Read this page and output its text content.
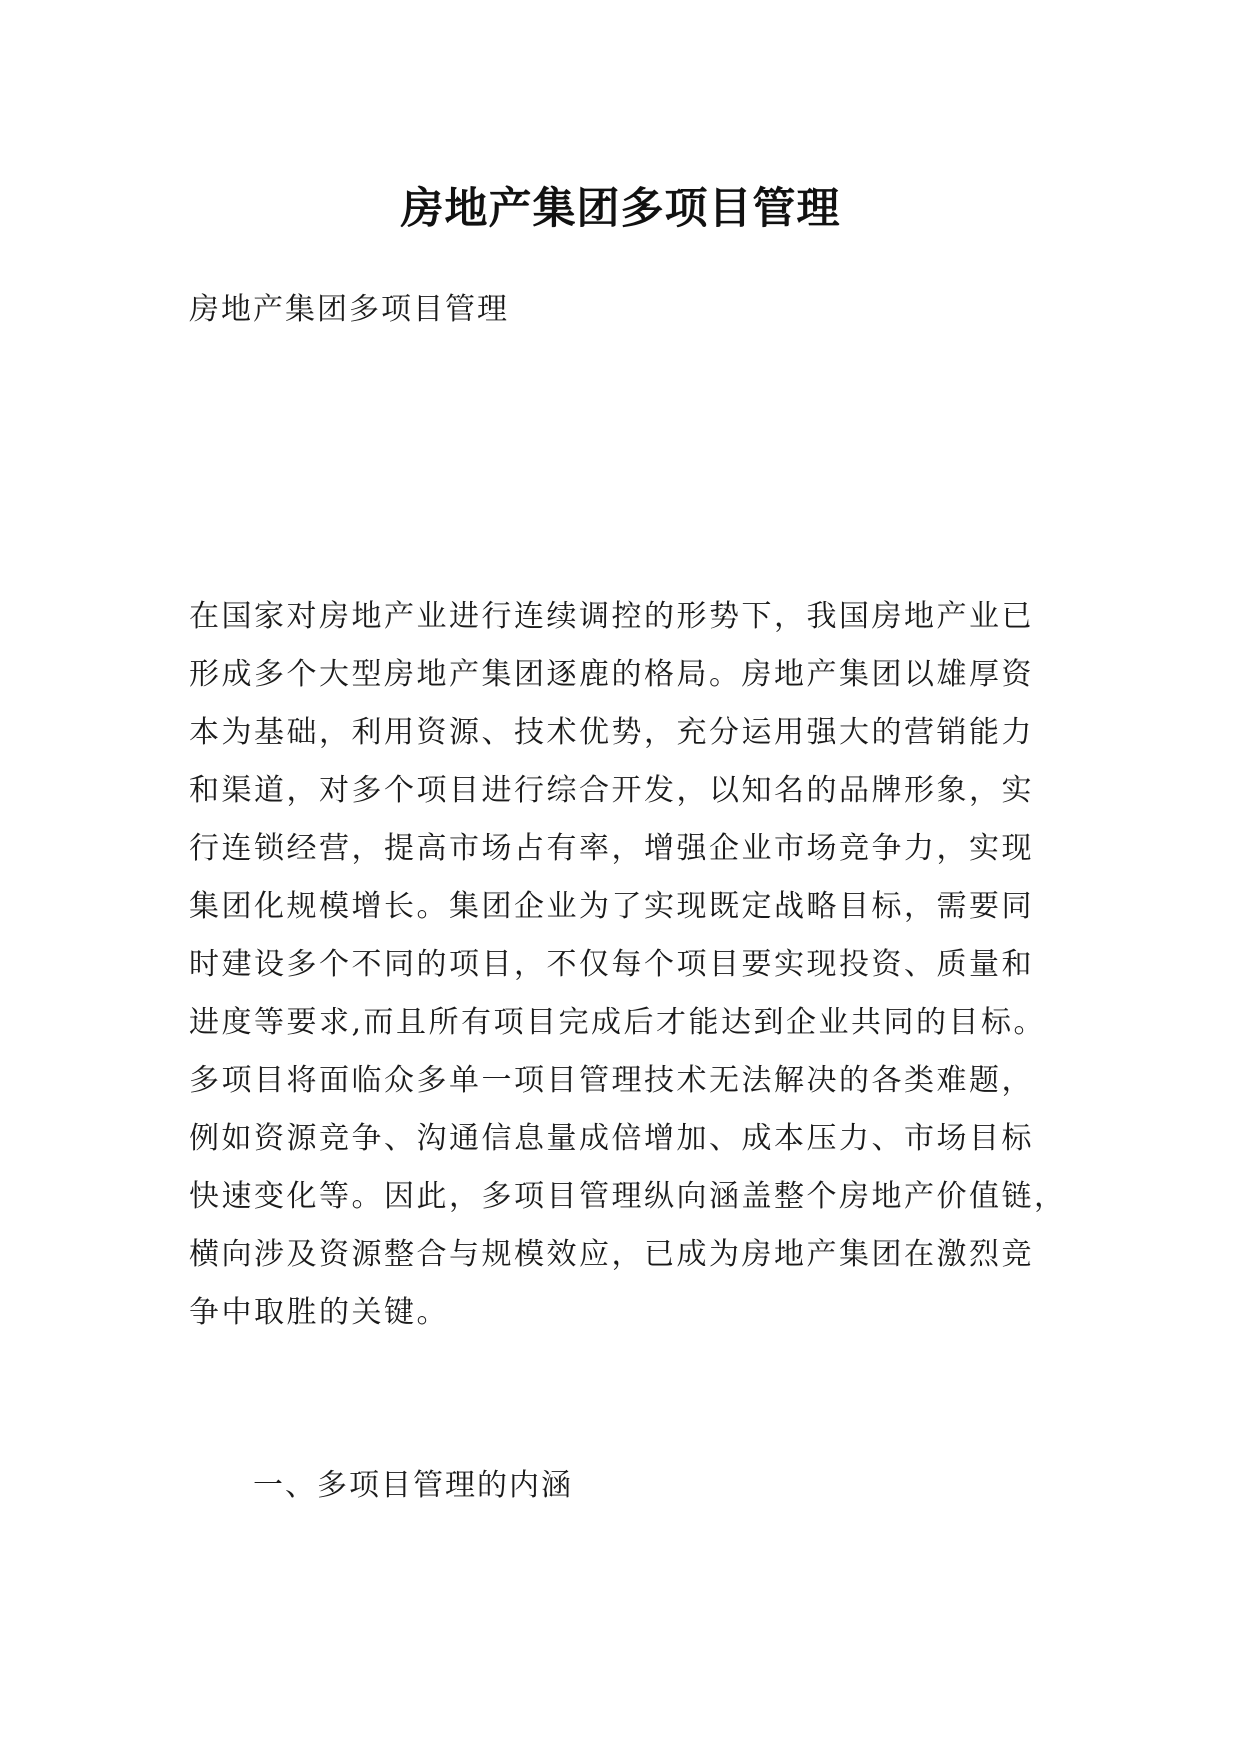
房地产集团多项目管理
房地产集团多项目管理

在国家对房地产业进行连续调控的形势下，我国房地产业已
形成多个大型房地产集团逐鹿的格局。房地产集团以雄厚资
本为基础，利用资源、技术优势，充分运用强大的营销能力
和渠道，对多个项目进行综合开发，以知名的品牌形象，实
行连锁经营，提高市场占有率，增强企业市场竞争力，实现
集团化规模增长。集团企业为了实现既定战略目标，需要同
时建设多个不同的项目，不仅每个项目要实现投资、质量和
进度等要求,而且所有项目完成后才能达到企业共同的目标。
多项目将面临众多单一项目管理技术无法解决的各类难题，
例如资源竞争、沟通信息量成倍增加、成本压力、市场目标
快速变化等。因此，多项目管理纵向涵盖整个房地产价值链，
横向涉及资源整合与规模效应，已成为房地产集团在激烈竞
争中取胜的关键。

一、多项目管理的内涵
